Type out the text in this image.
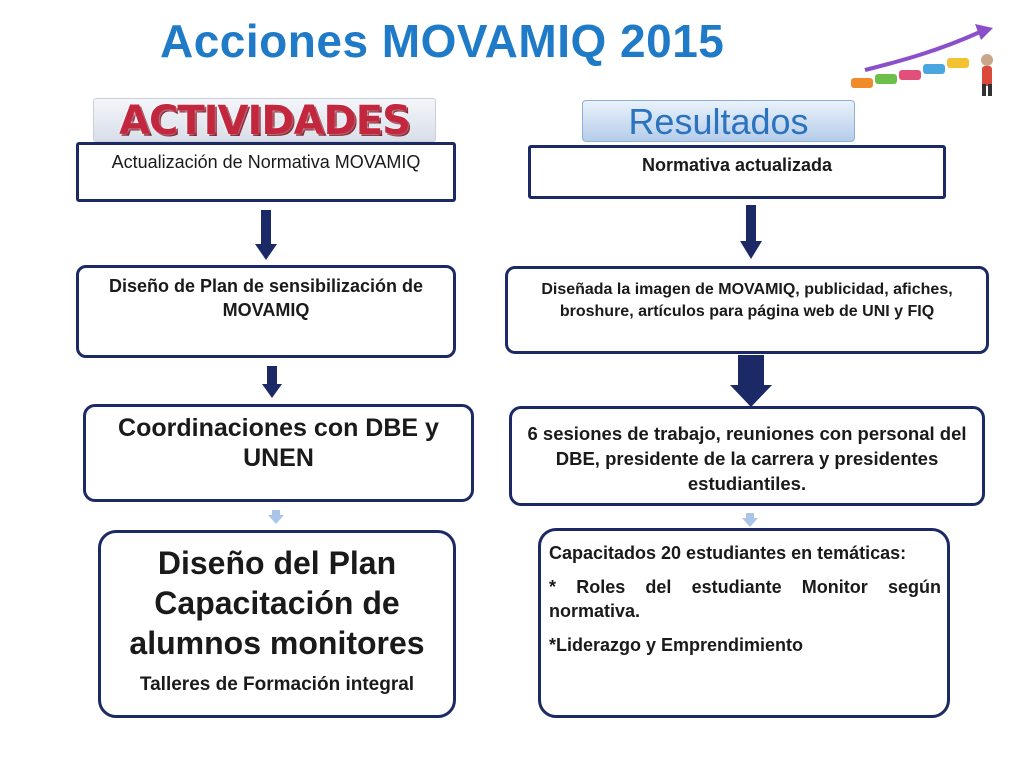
Acciones MOVAMIQ 2015
ACTIVIDADES	Resultados
Actualización de Normativa MOVAMIQ
Diseño de Plan de sensibilización de MOVAMIQ
Coordinaciones con DBE y UNEN
Diseño del Plan Capacitación de alumnos monitores
Talleres de Formación integral
Normativa actualizada
Diseñada la imagen de MOVAMIQ, publicidad, afiches, broshure, artículos para página web de UNI y FIQ
6 sesiones de trabajo, reuniones con personal del DBE, presidente de la carrera y presidentes estudiantiles.
Capacitados 20 estudiantes en temáticas:
* Roles del estudiante Monitor según normativa.
*Liderazgo y Emprendimiento
